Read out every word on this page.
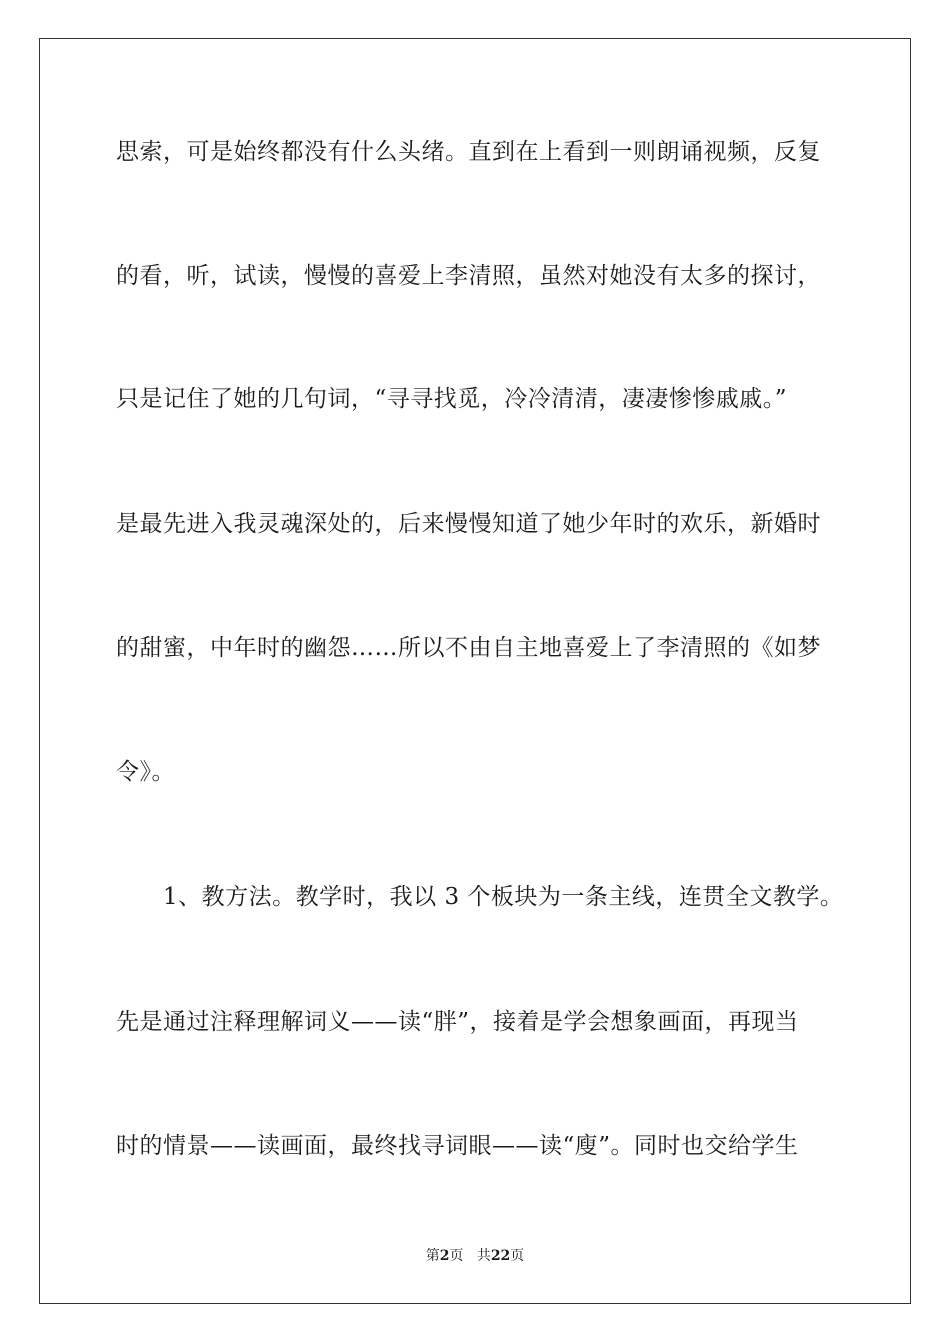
思索，可是始终都没有什么头绪。直到在上看到一则朗诵视频，反复
的看，听，试读，慢慢的喜爱上李清照，虽然对她没有太多的探讨，
只是记住了她的几句词，“寻寻找觅，冷冷清清，凄凄惨惨戚戚。”
是最先进入我灵魂深处的，后来慢慢知道了她少年时的欢乐，新婚时
的甜蜜，中年时的幽怨……所以不由自主地喜爱上了李清照的《如梦
令》。
1、教方法。教学时，我以 3 个板块为一条主线，连贯全文教学。
先是通过注释理解词义——读“胖”，接着是学会想象画面，再现当
时的情景——读画面，最终找寻词眼——读“廋”。同时也交给学生
第2页 共22页
